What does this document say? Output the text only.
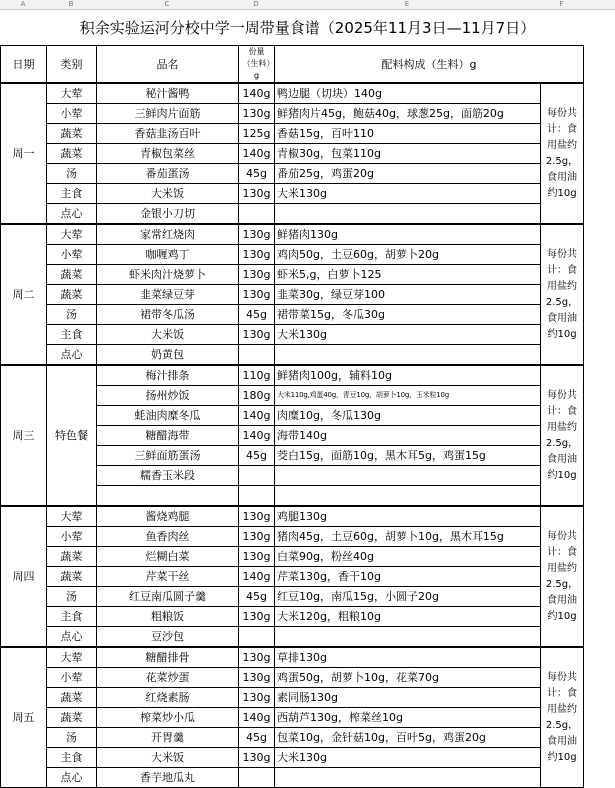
A	B	C	D	E	F
积余实验运河分校中学一周带量食谱（2025年11月3日—11月7日）
日期	类别	品名	份量（生料）g	配料构成（生料）g	
周一	大荤	秘汁酱鸭	140g	鸭边腿（切块）140g	每份共计：食用盐约2.5g，食用油约10g
	小荤	三鲜肉片面筋	130g	鲜猪肉片45g，鲍菇40g，球葱25g，面筋20g	
	蔬菜	香菇韭汤百叶	125g	香菇15g，百叶110	
	蔬菜	青椒包菜丝	140g	青椒30g，包菜110g	
	汤	番茄蛋汤	45g	番茄25g，鸡蛋20g	
	主食	大米饭	130g	大米130g	
	点心	金银小刀切			
周二	大荤	家常红烧肉	130g	鲜猪肉130g	每份共计：食用盐约2.5g，食用油约10g
	小荤	咖喱鸡丁	130g	鸡肉50g，土豆60g，胡萝卜20g	
	蔬菜	虾米肉汁烧萝卜	130g	虾米5,g，白萝卜125	
	蔬菜	韭菜绿豆芽	130g	韭菜30g，绿豆芽100	
	汤	裙带冬瓜汤	45g	裙带菜15g，冬瓜30g	
	主食	大米饭	130g	大米130g	
	点心	奶黄包			
周三	特色餐	梅汁排条	110g	鲜猪肉100g，辅料10g	每份共计：食用盐约2.5g，食用油约10g
		扬州炒饭	180g	大米110g,鸡蛋40g，青豆10g，胡萝卜10g，玉米粒10g	
		蚝油肉糜冬瓜	140g	肉糜10g，冬瓜130g	
		糖醋海带	140g	海带140g	
		三鲜面筋蛋汤	45g	茭白15g，面筋10g，黑木耳5g，鸡蛋15g	
		糯香玉米段			

周四	大荤	酱烧鸡腿	130g	鸡腿130g	每份共计：食用盐约2.5g，食用油约10g
	小荤	鱼香肉丝	130g	猪肉45g，土豆60g，胡萝卜10g，黑木耳15g	
	蔬菜	烂糊白菜	130g	白菜90g，粉丝40g	
	蔬菜	芹菜干丝	140g	芹菜130g，香干10g	
	汤	红豆南瓜圆子羹	45g	红豆10g，南瓜15g，小圆子20g	
	主食	粗粮饭	130g	大米120g，粗粮10g	
	点心	豆沙包			
周五	大荤	糖醋排骨	130g	草排130g	每份共计：食用盐约2.5g，食用油约10g
	小荤	花菜炒蛋	130g	鸡蛋50g，胡萝卜10g，花菜70g	
	蔬菜	红烧素肠	130g	素同肠130g	
	蔬菜	榨菜炒小瓜	140g	西葫芦130g，榨菜丝10g	
	汤	开胃羹	45g	包菜10g，金针菇10g，百叶5g，鸡蛋20g	
	主食	大米饭	130g	大米130g	
	点心	香芋地瓜丸			
